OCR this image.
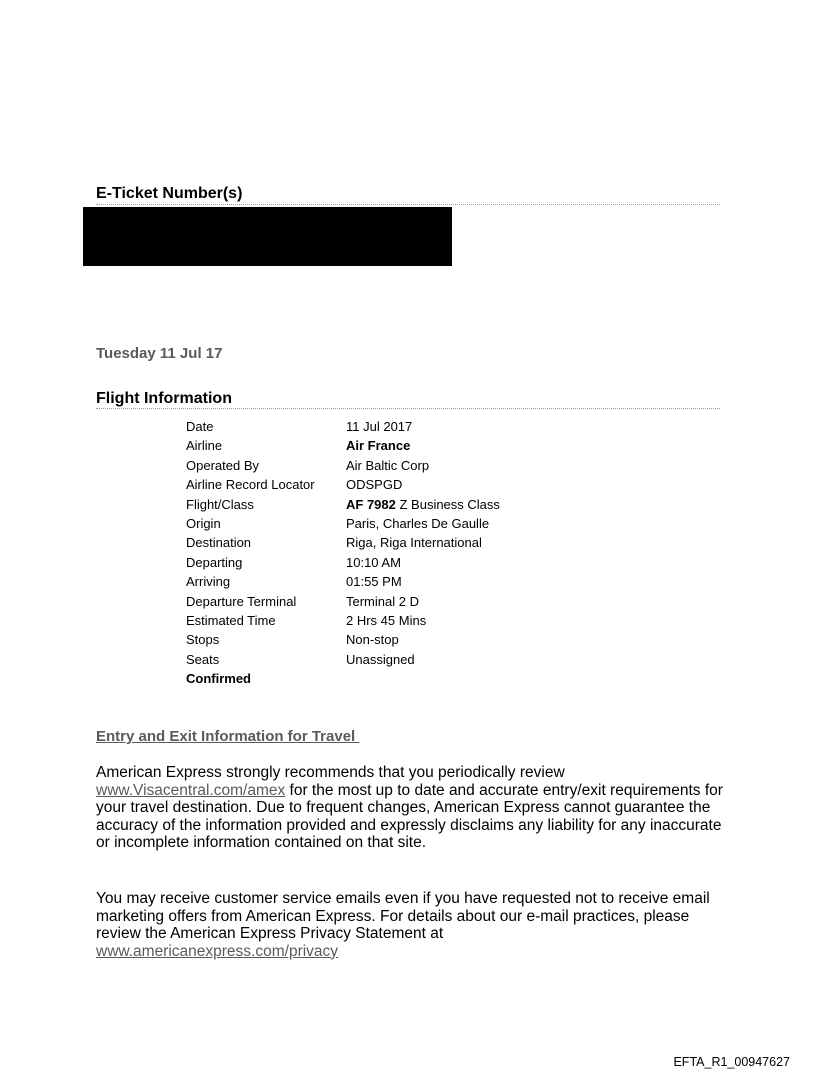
E-Ticket Number(s)
Tuesday 11 Jul 17
Flight Information
Date	11 Jul 2017
Airline	Air France
Operated By	Air Baltic Corp
Airline Record Locator	ODSPGD
Flight/Class	AF 7982 Z Business Class
Origin	Paris, Charles De Gaulle
Destination	Riga, Riga International
Departing	10:10 AM
Arriving	01:55 PM
Departure Terminal	Terminal 2 D
Estimated Time	2 Hrs 45 Mins
Stops	Non-stop
Seats	Unassigned
Confirmed
Entry and Exit Information for Travel
American Express strongly recommends that you periodically review
www.Visacentral.com/amex for the most up to date and accurate entry/exit requirements for your travel destination. Due to frequent changes, American Express cannot guarantee the accuracy of the information provided and expressly disclaims any liability for any inaccurate or incomplete information contained on that site.
You may receive customer service emails even if you have requested not to receive email marketing offers from American Express. For details about our e-mail practices, please review the American Express Privacy Statement at
www.americanexpress.com/privacy
EFTA_R1_00947627
